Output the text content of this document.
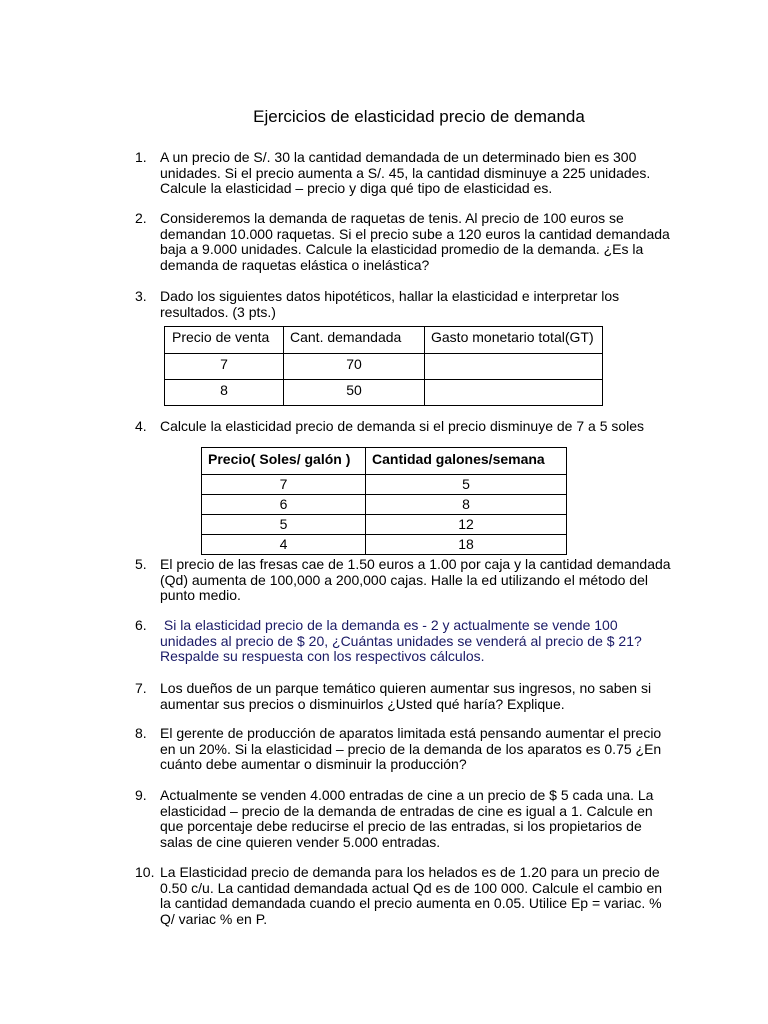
Ejercicios de elasticidad precio de demanda
1. A un precio de S/. 30 la cantidad demandada de un determinado bien es 300 unidades. Si el precio aumenta a S/. 45, la cantidad disminuye a 225 unidades. Calcule la elasticidad – precio y diga qué tipo de elasticidad es.
2. Consideremos la demanda de raquetas de tenis. Al precio de 100 euros se demandan 10.000 raquetas. Si el precio sube a 120 euros la cantidad demandada baja a 9.000 unidades. Calcule la elasticidad promedio de la demanda. ¿Es la demanda de raquetas elástica o inelástica?
3. Dado los siguientes datos hipotéticos, hallar la elasticidad e interpretar los resultados. (3 pts.)
Precio de venta	Cant. demandada	Gasto monetario total(GT)
7	70	
8	50	
4. Calcule la elasticidad precio de demanda si el precio disminuye de 7 a 5 soles
Precio( Soles/ galón )	Cantidad galones/semana
7	5
6	8
5	12
4	18
5. El precio de las fresas cae de 1.50 euros a 1.00 por caja y la cantidad demandada (Qd) aumenta de 100,000 a 200,000 cajas. Halle la ed utilizando el método del punto medio.
6. Si la elasticidad precio de la demanda es - 2 y actualmente se vende 100 unidades al precio de $ 20, ¿Cuántas unidades se venderá al precio de $ 21? Respalde su respuesta con los respectivos cálculos.
7. Los dueños de un parque temático quieren aumentar sus ingresos, no saben si aumentar sus precios o disminuirlos ¿Usted qué haría? Explique.
8. El gerente de producción de aparatos limitada está pensando aumentar el precio en un 20%. Si la elasticidad – precio de la demanda de los aparatos es 0.75 ¿En cuánto debe aumentar o disminuir la producción?
9. Actualmente se venden 4.000 entradas de cine a un precio de $ 5 cada una. La elasticidad – precio de la demanda de entradas de cine es igual a 1. Calcule en que porcentaje debe reducirse el precio de las entradas, si los propietarios de salas de cine quieren vender 5.000 entradas.
10. La Elasticidad precio de demanda para los helados es de 1.20 para un precio de 0.50 c/u. La cantidad demandada actual Qd es de 100 000. Calcule el cambio en la cantidad demandada cuando el precio aumenta en 0.05. Utilice Ep = variac. % Q/ variac % en P.
